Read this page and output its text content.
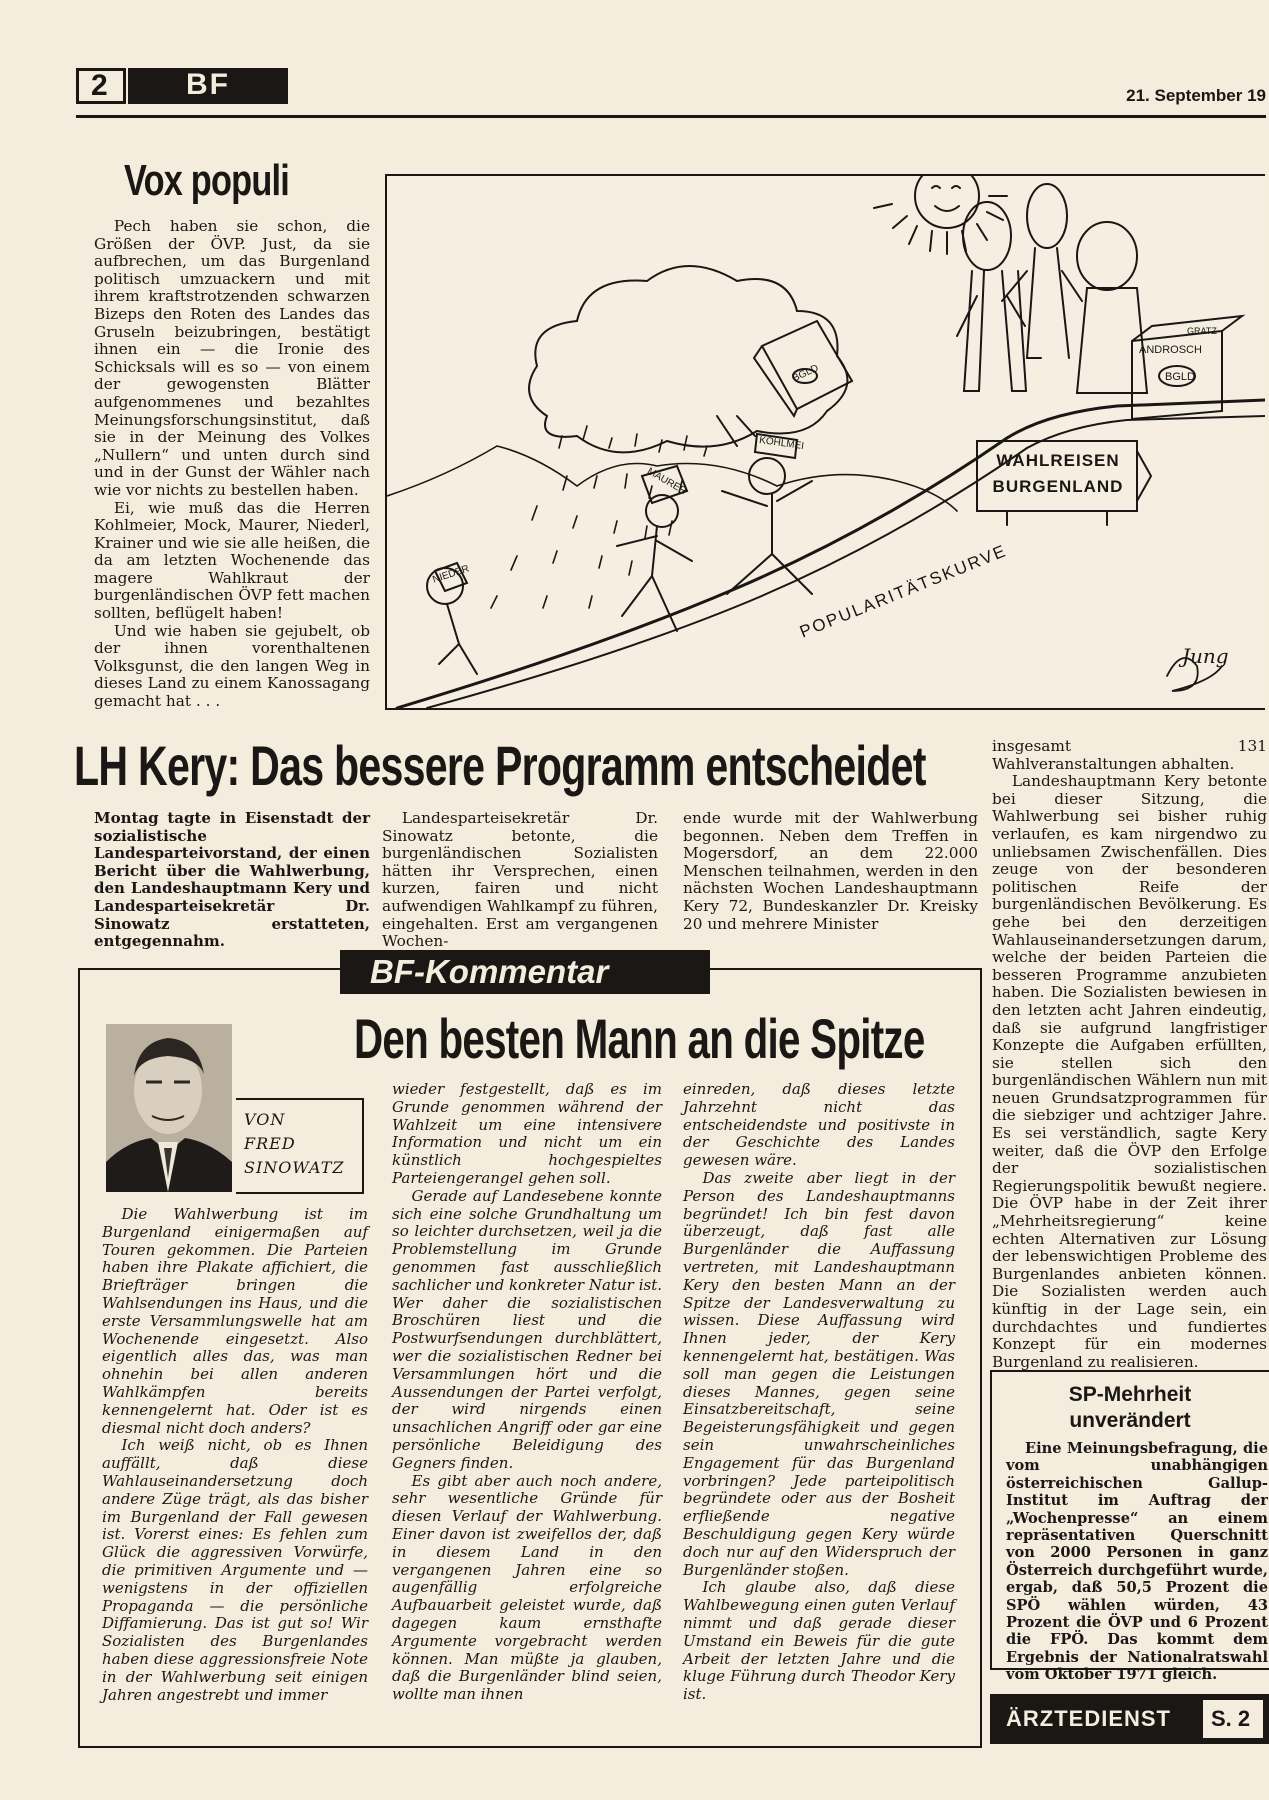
2	BF	21. September 19
Vox populi

Pech haben sie schon, die Größen der ÖVP. Just, da sie aufbrechen, um das Burgenland politisch umzuackern und mit ihrem kraftstrotzenden schwarzen Bizeps den Roten des Landes das Gruseln beizubringen, bestätigt ihnen ein — die Ironie des Schicksals will es so — von einem der gewogensten Blätter aufgenommenes und bezahltes Meinungsforschungsinstitut, daß sie in der Meinung des Volkes „Nullern“ und unten durch sind und in der Gunst der Wähler nach wie vor nichts zu bestellen haben.

Ei, wie muß das die Herren Kohlmeier, Mock, Maurer, Niederl, Krainer und wie sie alle heißen, die da am letzten Wochenende das magere Wahlkraut der burgenländischen ÖVP fett machen sollten, beflügelt haben!

Und wie haben sie gejubelt, ob der ihnen vorenthaltenen Volksgunst, die den langen Weg in dieses Land zu einem Kanossagang gemacht hat . . .

WAHLREISEN
BURGENLAND
POPULARITÄTSKURVE
BGLD
ANDROSCH
BGLD
GRATZ
MAURER
KOHLMEI
NIEDER
Jung
LH Kery: Das bessere Programm entscheidet
Montag tagte in Eisenstadt der sozialistische Landesparteivorstand, der einen Bericht über die Wahlwerbung, den Landeshauptmann Kery und Landesparteisekretär Dr. Sinowatz erstatteten, entgegennahm.

Landesparteisekretär Dr. Sinowatz betonte, die burgenländischen Sozialisten hätten ihr Versprechen, einen kurzen, fairen und nicht aufwendigen Wahlkampf zu führen, eingehalten. Erst am vergangenen Wochen-

ende wurde mit der Wahlwerbung begonnen. Neben dem Treffen in Mogersdorf, an dem 22.000 Menschen teilnahmen, werden in den nächsten Wochen Landeshauptmann Kery 72, Bundeskanzler Dr. Kreisky 20 und mehrere Minister
insgesamt 131 Wahlveranstaltungen abhalten.

Landeshauptmann Kery betonte bei dieser Sitzung, die Wahlwerbung sei bisher ruhig verlaufen, es kam nirgendwo zu unliebsamen Zwischenfällen. Dies zeuge von der besonderen politischen Reife der burgenländischen Bevölkerung. Es gehe bei den derzeitigen Wahlauseinandersetzungen darum, welche der beiden Parteien die besseren Programme anzubieten haben. Die Sozialisten bewiesen in den letzten acht Jahren eindeutig, daß sie aufgrund langfristiger Konzepte die Aufgaben erfüllten, sie stellen sich den burgenländischen Wählern nun mit neuen Grundsatzprogrammen für die siebziger und achtziger Jahre. Es sei verständlich, sagte Kery weiter, daß die ÖVP den Erfolge der sozialistischen Regierungspolitik bewußt negiere. Die ÖVP habe in der Zeit ihrer „Mehrheitsregierung“ keine echten Alternativen zur Lösung der lebenswichtigen Probleme des Burgenlandes anbieten können. Die Sozialisten werden auch künftig in der Lage sein, ein durchdachtes und fundiertes Konzept für ein modernes Burgenland zu realisieren.

BF-Kommentar
Den besten Mann an die Spitze
VON
FRED
SINOWATZ

Die Wahlwerbung ist im Burgenland einigermaßen auf Touren gekommen. Die Parteien haben ihre Plakate affichiert, die Briefträger bringen die Wahlsendungen ins Haus, und die erste Versammlungswelle hat am Wochenende eingesetzt. Also eigentlich alles das, was man ohnehin bei allen anderen Wahlkämpfen bereits kennengelernt hat. Oder ist es diesmal nicht doch anders?

Ich weiß nicht, ob es Ihnen auffällt, daß diese Wahlauseinandersetzung doch andere Züge trägt, als das bisher im Burgenland der Fall gewesen ist. Vorerst eines: Es fehlen zum Glück die aggressiven Vorwürfe, die primitiven Argumente und — wenigstens in der offiziellen Propaganda — die persönliche Diffamierung. Das ist gut so! Wir Sozialisten des Burgenlandes haben diese aggressionsfreie Note in der Wahlwerbung seit einigen Jahren angestrebt und immer

wieder festgestellt, daß es im Grunde genommen während der Wahlzeit um eine intensivere Information und nicht um ein künstlich hochgespieltes Parteiengerangel gehen soll.

Gerade auf Landesebene konnte sich eine solche Grundhaltung um so leichter durchsetzen, weil ja die Problemstellung im Grunde genommen fast ausschließlich sachlicher und konkreter Natur ist. Wer daher die sozialistischen Broschüren liest und die Postwurfsendungen durchblättert, wer die sozialistischen Redner bei Versammlungen hört und die Aussendungen der Partei verfolgt, der wird nirgends einen unsachlichen Angriff oder gar eine persönliche Beleidigung des Gegners finden.

Es gibt aber auch noch andere, sehr wesentliche Gründe für diesen Verlauf der Wahlwerbung. Einer davon ist zweifellos der, daß in diesem Land in den vergangenen Jahren eine so augenfällig erfolgreiche Aufbauarbeit geleistet wurde, daß dagegen kaum ernsthafte Argumente vorgebracht werden können. Man müßte ja glauben, daß die Burgenländer blind seien, wollte man ihnen

einreden, daß dieses letzte Jahrzehnt nicht das entscheidendste und positivste in der Geschichte des Landes gewesen wäre.

Das zweite aber liegt in der Person des Landeshauptmanns begründet! Ich bin fest davon überzeugt, daß fast alle Burgenländer die Auffassung vertreten, mit Landeshauptmann Kery den besten Mann an der Spitze der Landesverwaltung zu wissen. Diese Auffassung wird Ihnen jeder, der Kery kennengelernt hat, bestätigen. Was soll man gegen die Leistungen dieses Mannes, gegen seine Einsatzbereitschaft, seine Begeisterungsfähigkeit und gegen sein unwahrscheinliches Engagement für das Burgenland vorbringen? Jede parteipolitisch begründete oder aus der Bosheit erfließende negative Beschuldigung gegen Kery würde doch nur auf den Widerspruch der Burgenländer stoßen.

Ich glaube also, daß diese Wahlbewegung einen guten Verlauf nimmt und daß gerade dieser Umstand ein Beweis für die gute Arbeit der letzten Jahre und die kluge Führung durch Theodor Kery ist.

SP-Mehrheit
unverändert

Eine Meinungsbefragung, die vom unabhängigen österreichischen Gallup-Institut im Auftrag der „Wochenpresse“ an einem repräsentativen Querschnitt von 2000 Personen in ganz Österreich durchgeführt wurde, ergab, daß 50,5 Prozent die SPÖ wählen würden, 43 Prozent die ÖVP und 6 Prozent die FPÖ. Das kommt dem Ergebnis der Nationalratswahl vom Oktober 1971 gleich.

ÄRZTEDIENST S. 2
